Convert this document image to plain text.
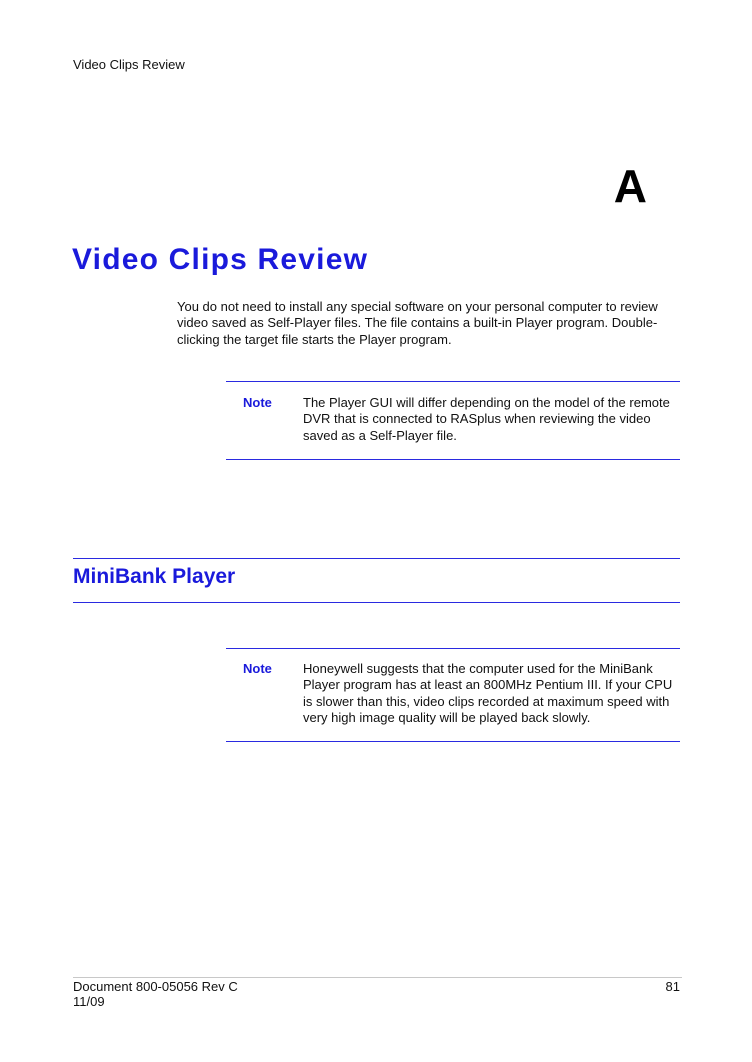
Video Clips Review
A
Video Clips Review

You do not need to install any special software on your personal computer to review video saved as Self-Player files. The file contains a built-in Player program. Double-clicking the target file starts the Player program.

Note The Player GUI will differ depending on the model of the remote DVR that is connected to RASplus when reviewing the video saved as a Self-Player file.

MiniBank Player
Note Honeywell suggests that the computer used for the MiniBank Player program has at least an 800MHz Pentium III. If your CPU is slower than this, video clips recorded at maximum speed with very high image quality will be played back slowly.

Document 800-05056 Rev C
11/09
81
